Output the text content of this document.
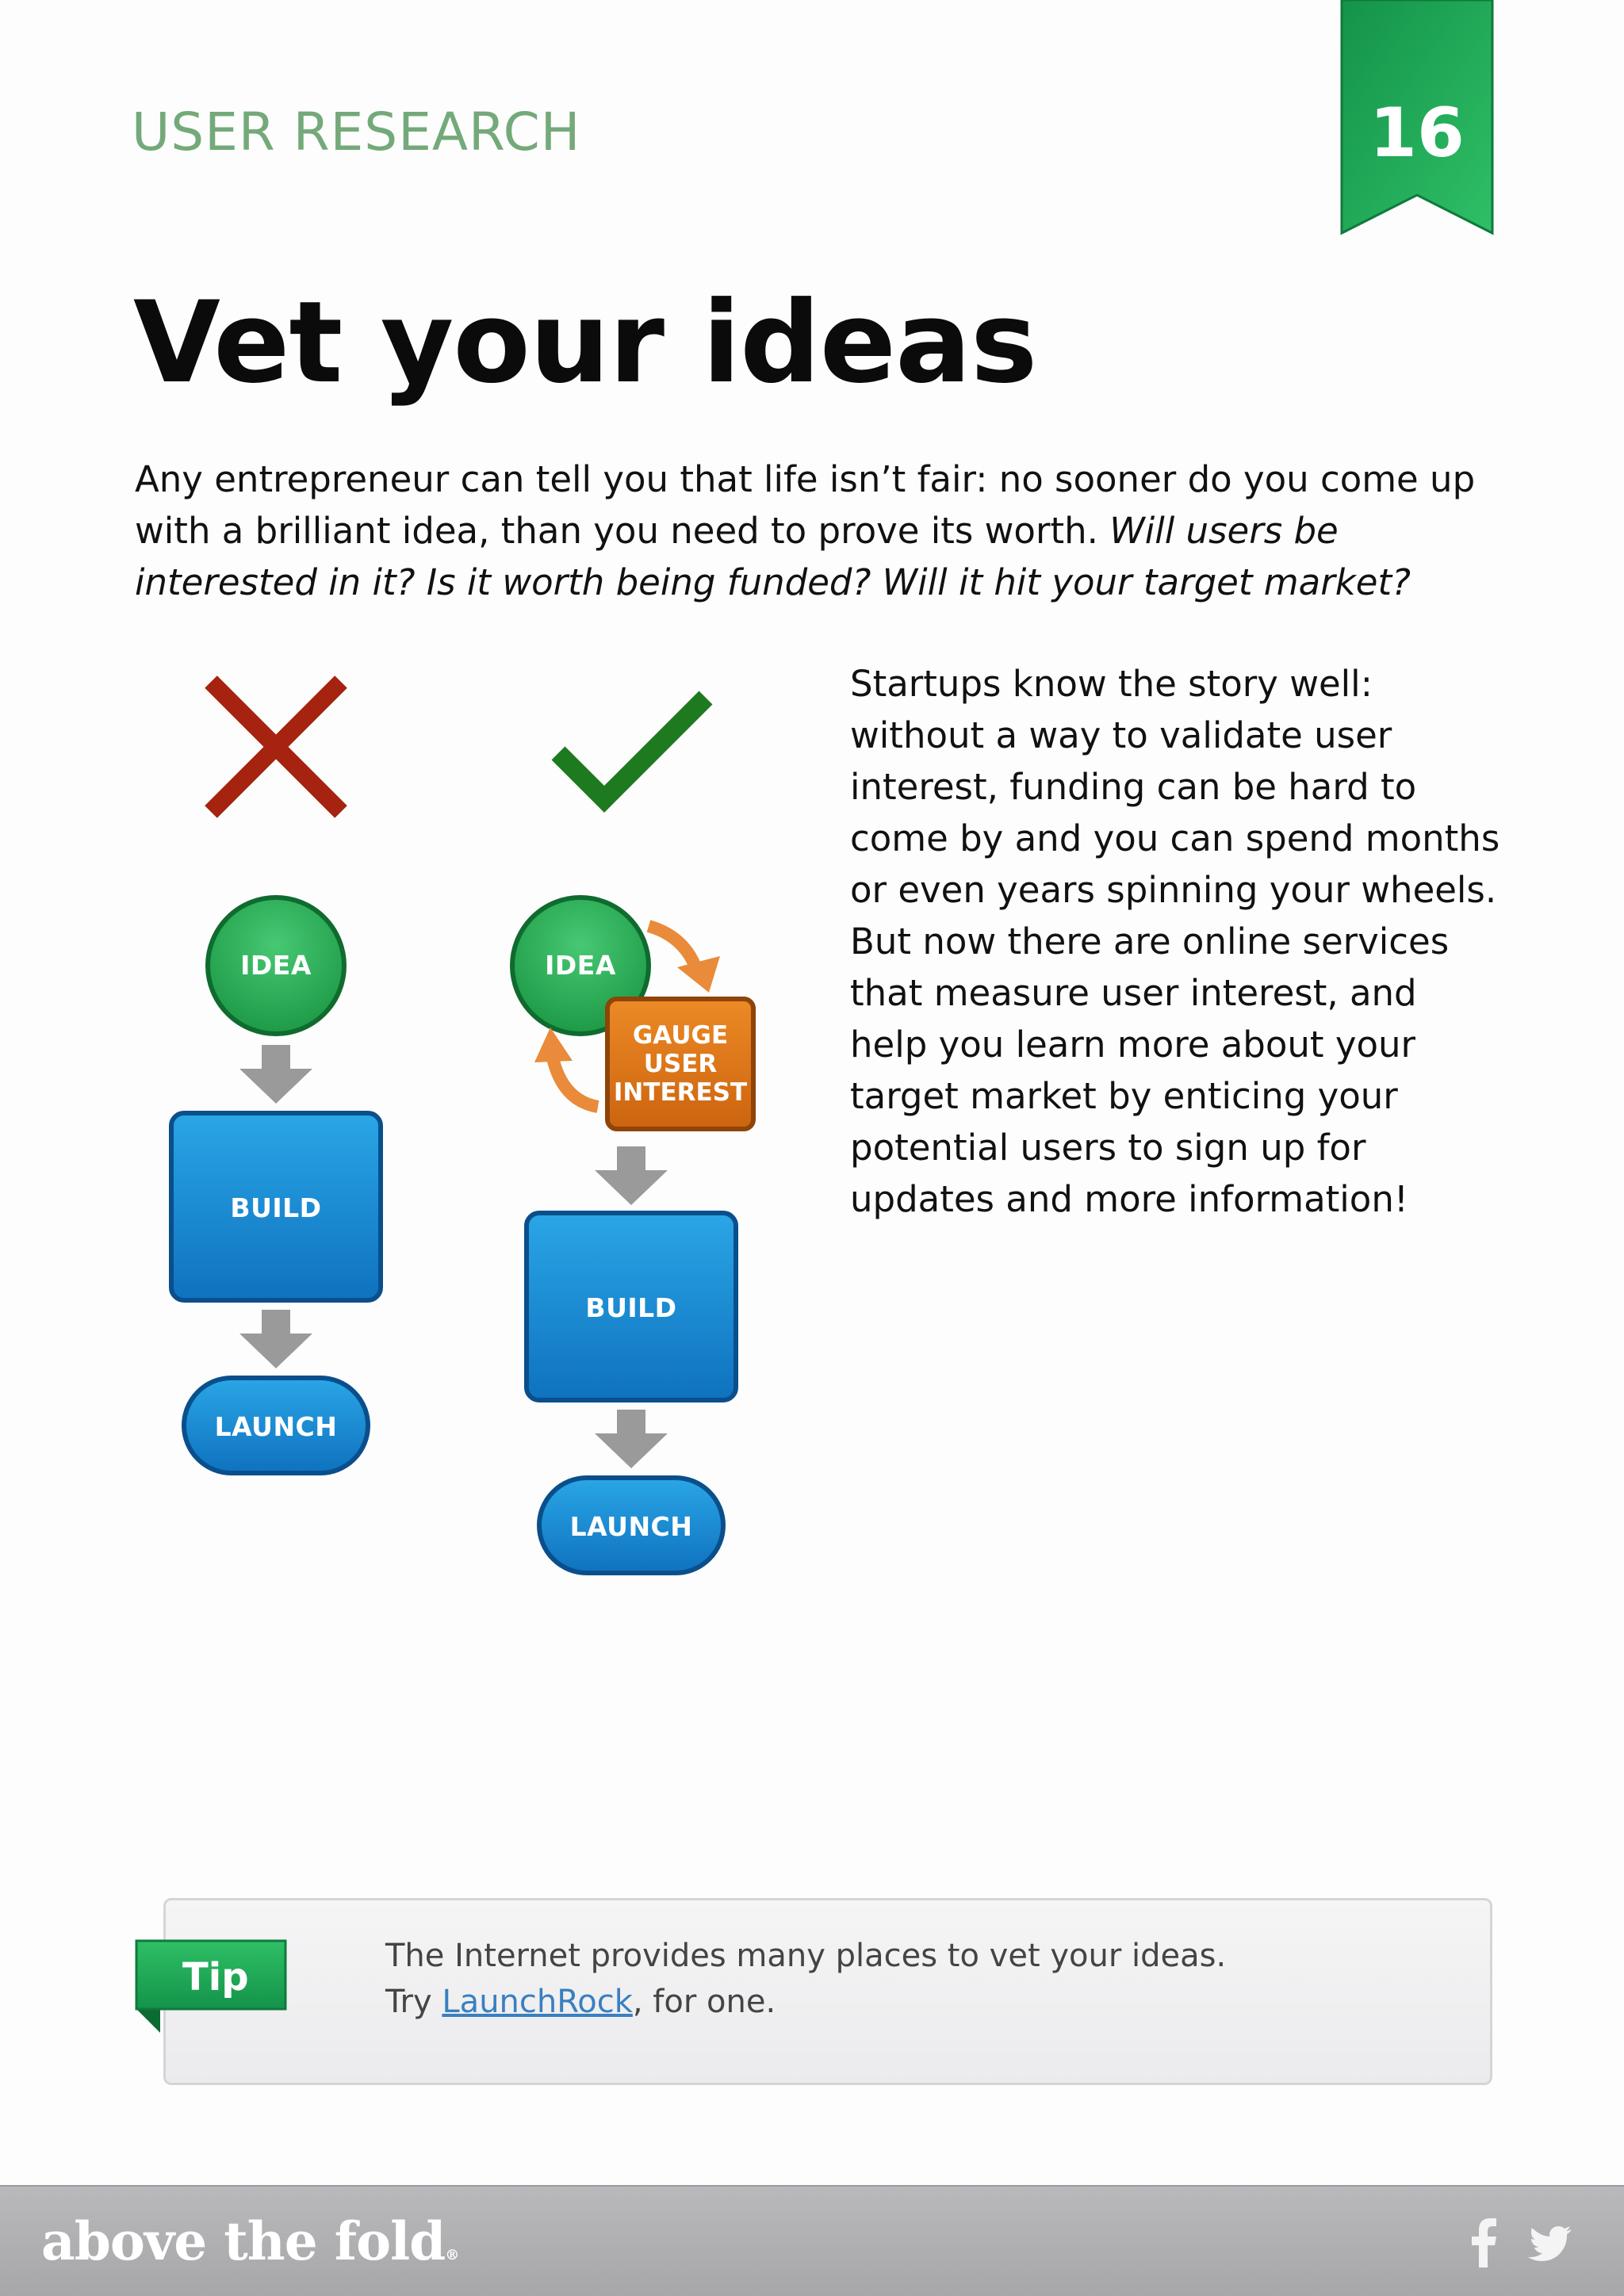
USER RESEARCH	16
Vet your ideas

Any entrepreneur can tell you that life isn’t fair: no sooner do you come up with a brilliant idea, than you need to prove its worth. Will users be interested in it? Is it worth being funded? Will it hit your target market?

IDEA
BUILD
LAUNCH
IDEA
GAUGE
USER
INTEREST
BUILD
LAUNCH

Startups know the story well: without a way to validate user interest, funding can be hard to come by and you can spend months or even years spinning your wheels. But now there are online services that measure user interest, and help you learn more about your target market by enticing your potential users to sign up for updates and more information!

Tip	The Internet provides many places to vet your ideas.
Try LaunchRock, for one.
above the fold®
